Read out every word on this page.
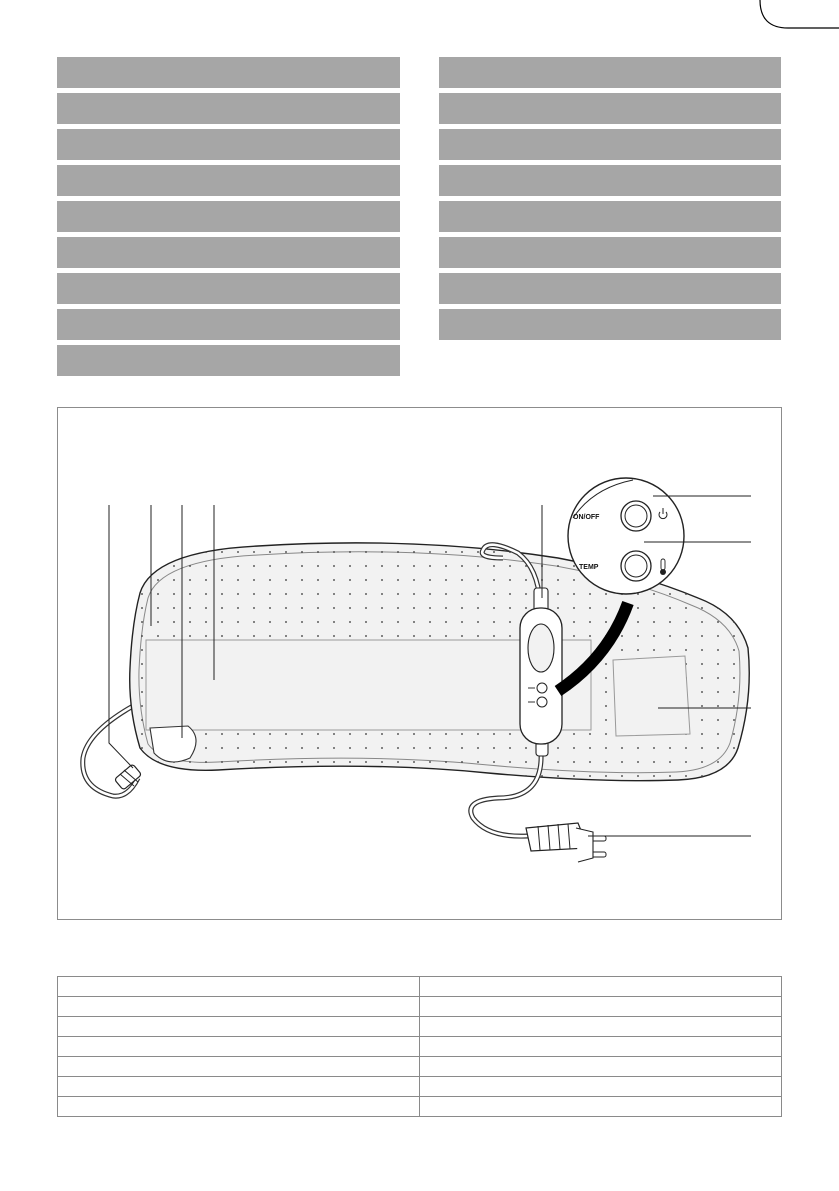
ON/OFF
TEMP
